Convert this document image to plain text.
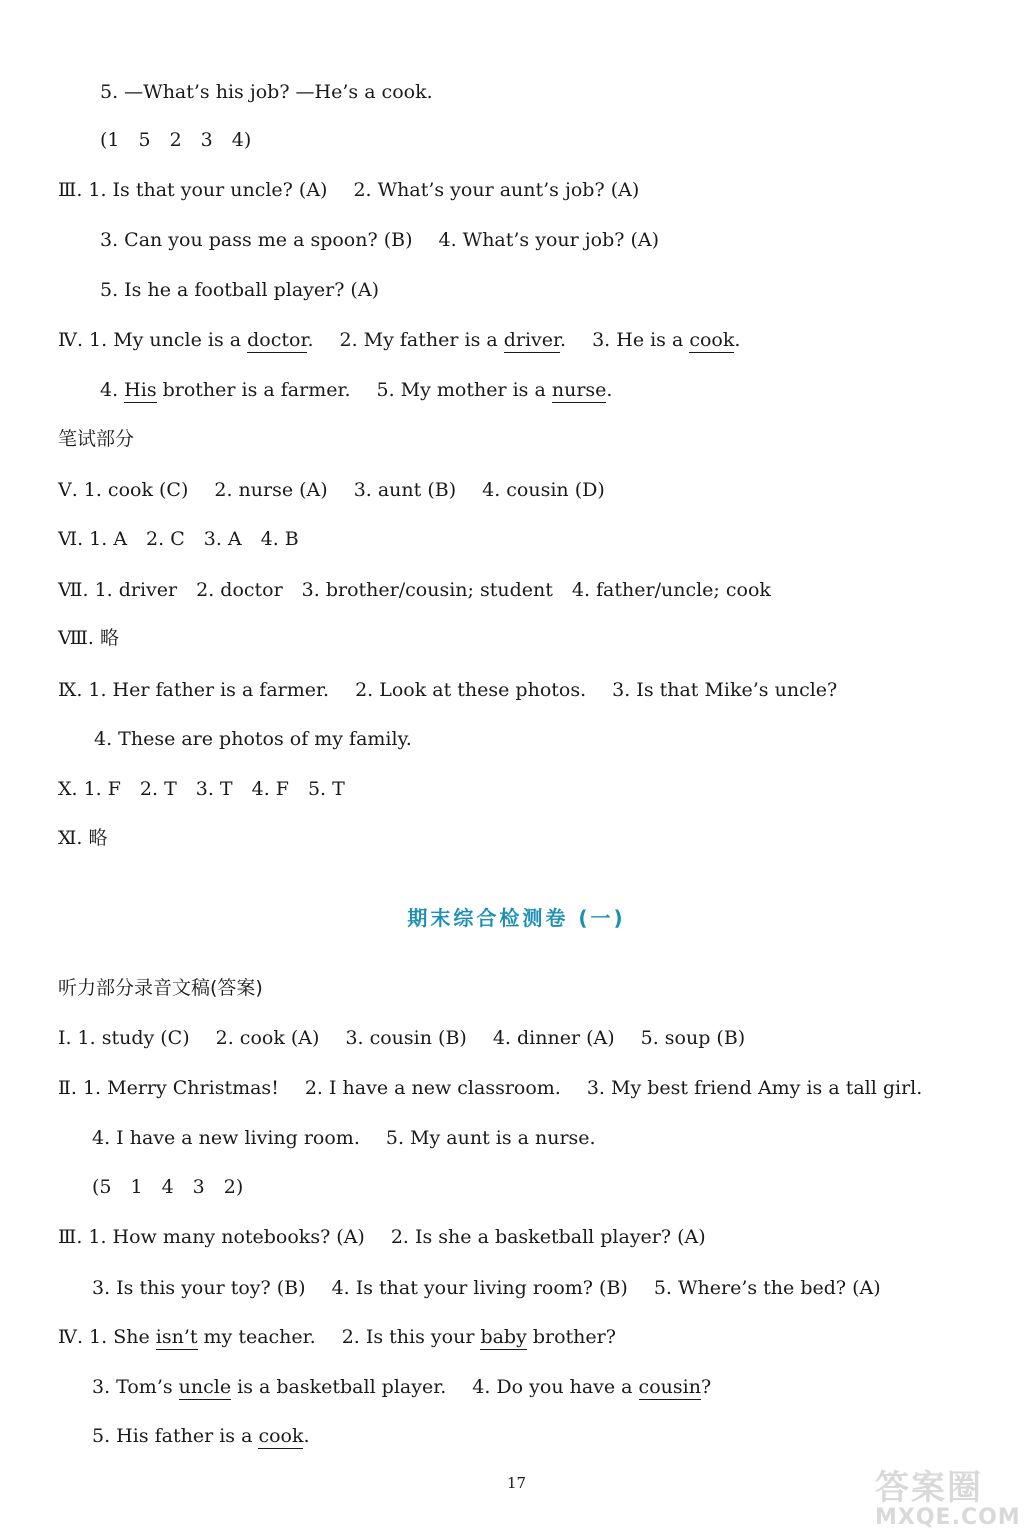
5. —What’s his job? —He’s a cook.
(1　5　2　3　4)
Ⅲ. 1. Is that your uncle? (A) 2. What’s your aunt’s job? (A)
3. Can you pass me a spoon? (B) 4. What’s your job? (A)
5. Is he a football player? (A)
Ⅳ. 1. My uncle is a doctor. 2. My father is a driver. 3. He is a cook.
4. His brother is a farmer. 5. My mother is a nurse.
笔试部分
Ⅴ. 1. cook (C) 2. nurse (A) 3. aunt (B) 4. cousin (D)
Ⅵ. 1. A　2. C　3. A　4. B
Ⅶ. 1. driver　2. doctor　3. brother/cousin; student　4. father/uncle; cook
Ⅷ. 略
Ⅸ. 1. Her father is a farmer. 2. Look at these photos. 3. Is that Mike’s uncle?
4. These are photos of my family.
Ⅹ. 1. F　2. T　3. T　4. F　5. T
Ⅺ. 略
期末综合检测卷 (一)
听力部分录音文稿(答案)
Ⅰ. 1. study (C) 2. cook (A) 3. cousin (B) 4. dinner (A) 5. soup (B)
Ⅱ. 1. Merry Christmas! 2. I have a new classroom. 3. My best friend Amy is a tall girl.
4. I have a new living room. 5. My aunt is a nurse.
(5　1　4　3　2)
Ⅲ. 1. How many notebooks? (A) 2. Is she a basketball player? (A)
3. Is this your toy? (B) 4. Is that your living room? (B) 5. Where’s the bed? (A)
Ⅳ. 1. She isn’t my teacher. 2. Is this your baby brother?
3. Tom’s uncle is a basketball player. 4. Do you have a cousin?
5. His father is a cook.
17	答案圈
MXQE.COM
